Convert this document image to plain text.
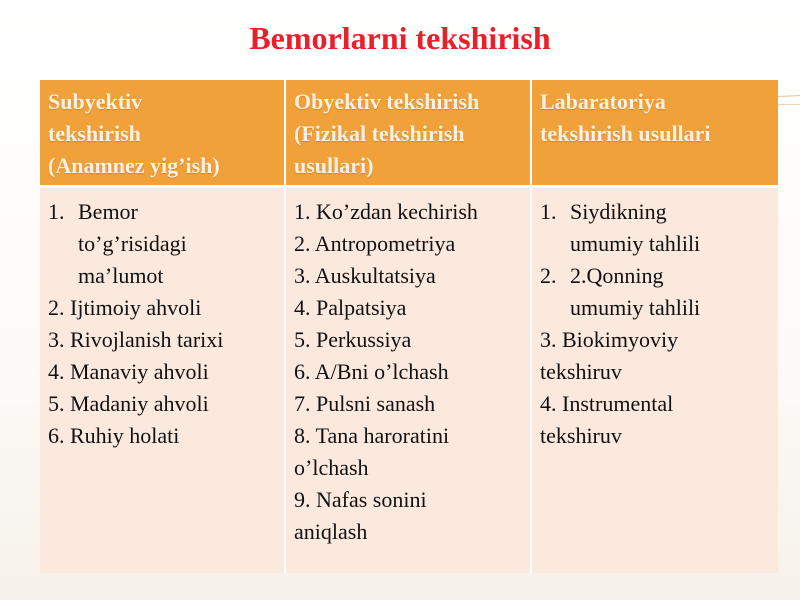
Bemorlarni tekshirish
Subyektiv
tekshirish
(Anamnez yig’ish)
Obyektiv tekshirish
(Fizikal tekshirish
usullari)
Labaratoriya
tekshirish usullari
1. Bemor
to’g’risidagi
ma’lumot
2. Ijtimoiy ahvoli
3. Rivojlanish tarixi
4. Manaviy ahvoli
5. Madaniy ahvoli
6. Ruhiy holati
1. Ko’zdan kechirish
2. Antropometriya
3. Auskultatsiya
4. Palpatsiya
5. Perkussiya
6. A/Bni o’lchash
7. Pulsni sanash
8. Tana haroratini
o’lchash
9. Nafas sonini
aniqlash
1. Siydikning
umumiy tahlili
2. 2.Qonning
umumiy tahlili
3. Biokimyoviy
tekshiruv
4. Instrumental
tekshiruv
